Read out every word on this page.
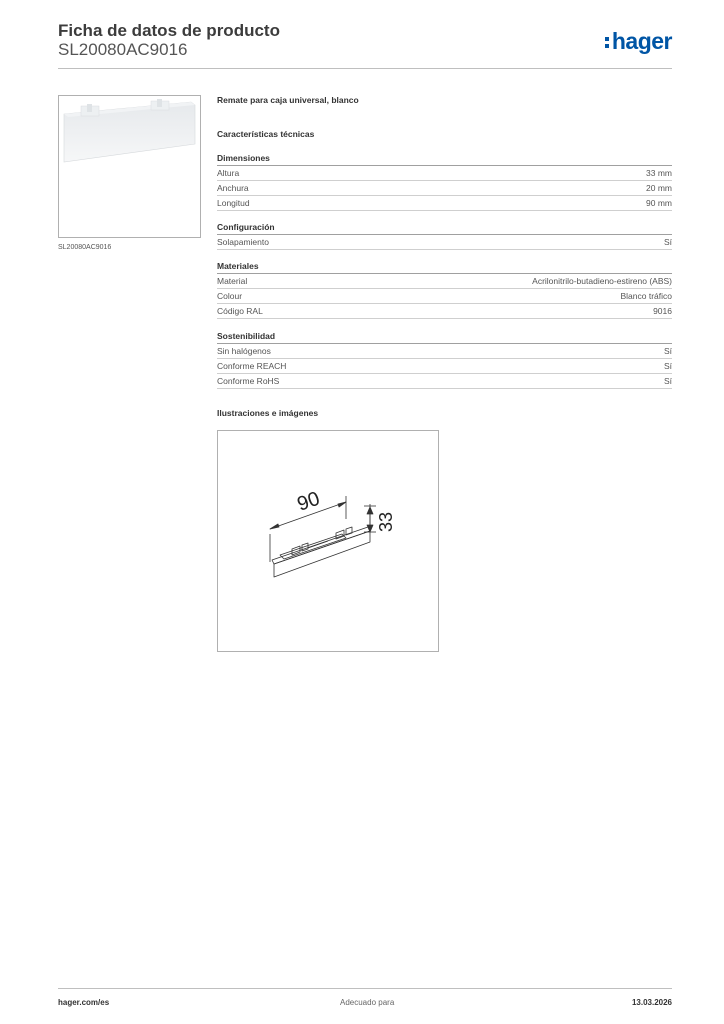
Ficha de datos de producto
SL20080AC9016	hager
SL20080AC9016
Remate para caja universal, blanco
Características técnicas
Dimensiones
Altura	33 mm
Anchura	20 mm
Longitud	90 mm
Configuración
Solapamiento	Sí
Materiales
Material	Acrilonitrilo-butadieno-estireno (ABS)
Colour	Blanco tráfico
Código RAL	9016
Sostenibilidad
Sin halógenos	Sí
Conforme REACH	Sí
Conforme RoHS	Sí
Ilustraciones e imágenes
90
33
hager.com/es	Adecuado para	13.03.2026
